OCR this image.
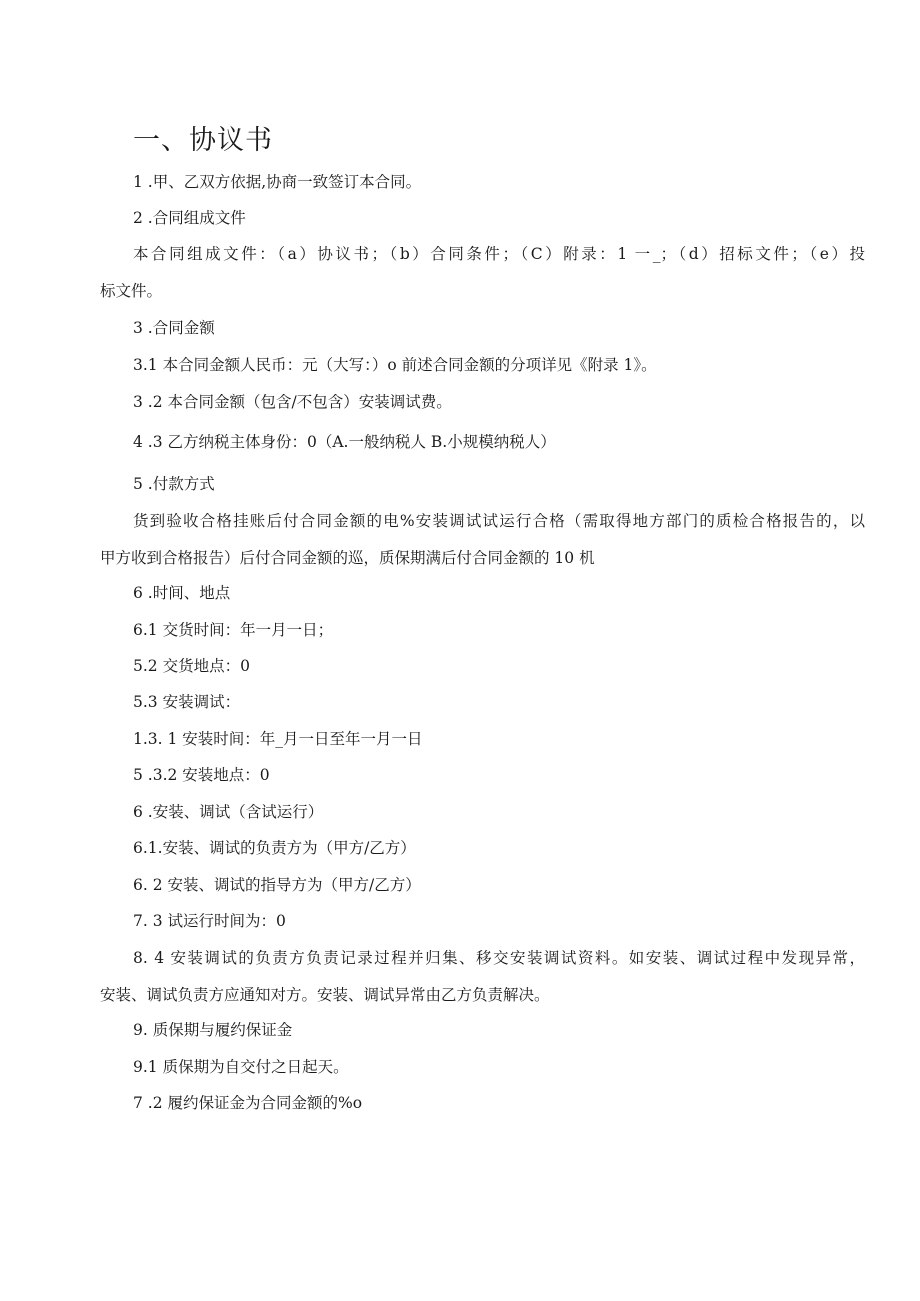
一、协议书
1 .甲、乙双方依据,协商一致签订本合同。
2 .合同组成文件
本合同组成文件：（a）协议书；（b）合同条件；（C）附录：1 一_；（d）招标文件；（e）投
标文件。
3 .合同金额
3.1 本合同金额人民币：元（大写：）o 前述合同金额的分项详见《附录 1》。
3 .2 本合同金额（包含/不包含）安装调试费。
4 .3 乙方纳税主体身份：0（A.一般纳税人 B.小规模纳税人）
5 .付款方式
货到验收合格挂账后付合同金额的电%安装调试试运行合格（需取得地方部门的质检合格报告的，以
甲方收到合格报告）后付合同金额的巡，质保期满后付合同金额的 10 机
6 .时间、地点
6.1 交货时间：年一月一日；
5.2 交货地点：0
5.3 安装调试：
1.3. 1 安装时间：年_月一日至年一月一日
5 .3.2 安装地点：0
6 .安装、调试（含试运行）
6.1.安装、调试的负责方为（甲方/乙方）
6. 2 安装、调试的指导方为（甲方/乙方）
7. 3 试运行时间为：0
8. 4 安装调试的负责方负责记录过程并归集、移交安装调试资料。如安装、调试过程中发现异常，
安装、调试负责方应通知对方。安装、调试异常由乙方负责解决。
9. 质保期与履约保证金
9.1 质保期为自交付之日起天。
7 .2 履约保证金为合同金额的%o
